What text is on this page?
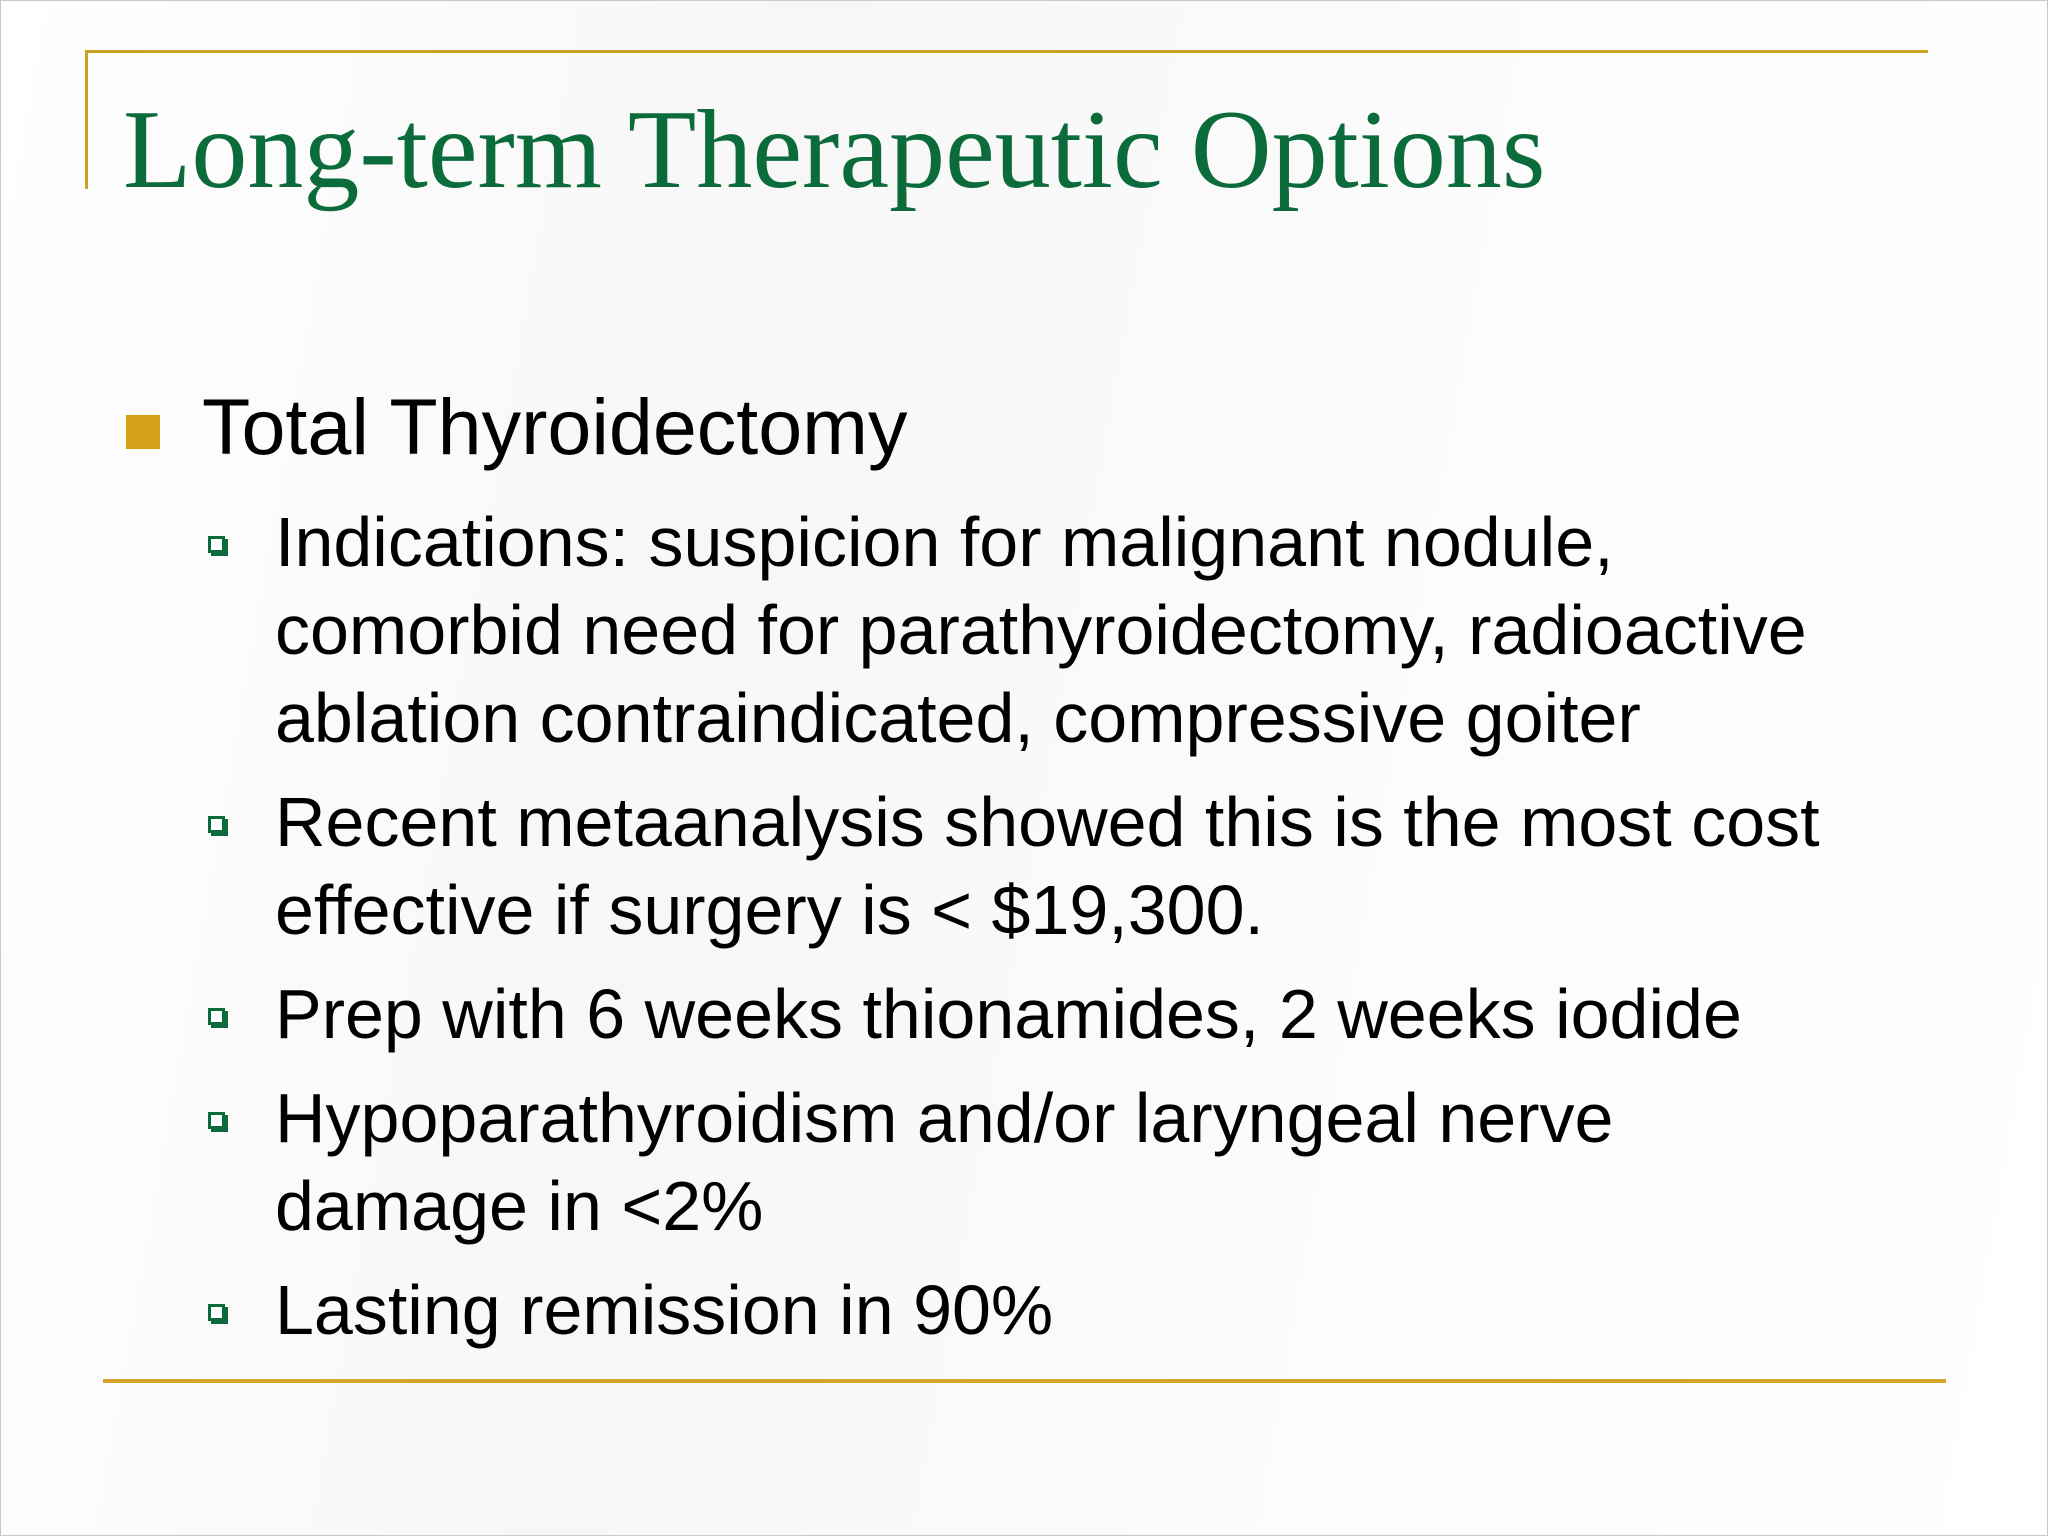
Long-term Therapeutic Options
Total Thyroidectomy
Indications: suspicion for malignant nodule,
comorbid need for parathyroidectomy, radioactive
ablation contraindicated, compressive goiter
Recent metaanalysis showed this is the most cost
effective if surgery is < $19,300.
Prep with 6 weeks thionamides, 2 weeks iodide
Hypoparathyroidism and/or laryngeal nerve
damage in <2%
Lasting remission in 90%
